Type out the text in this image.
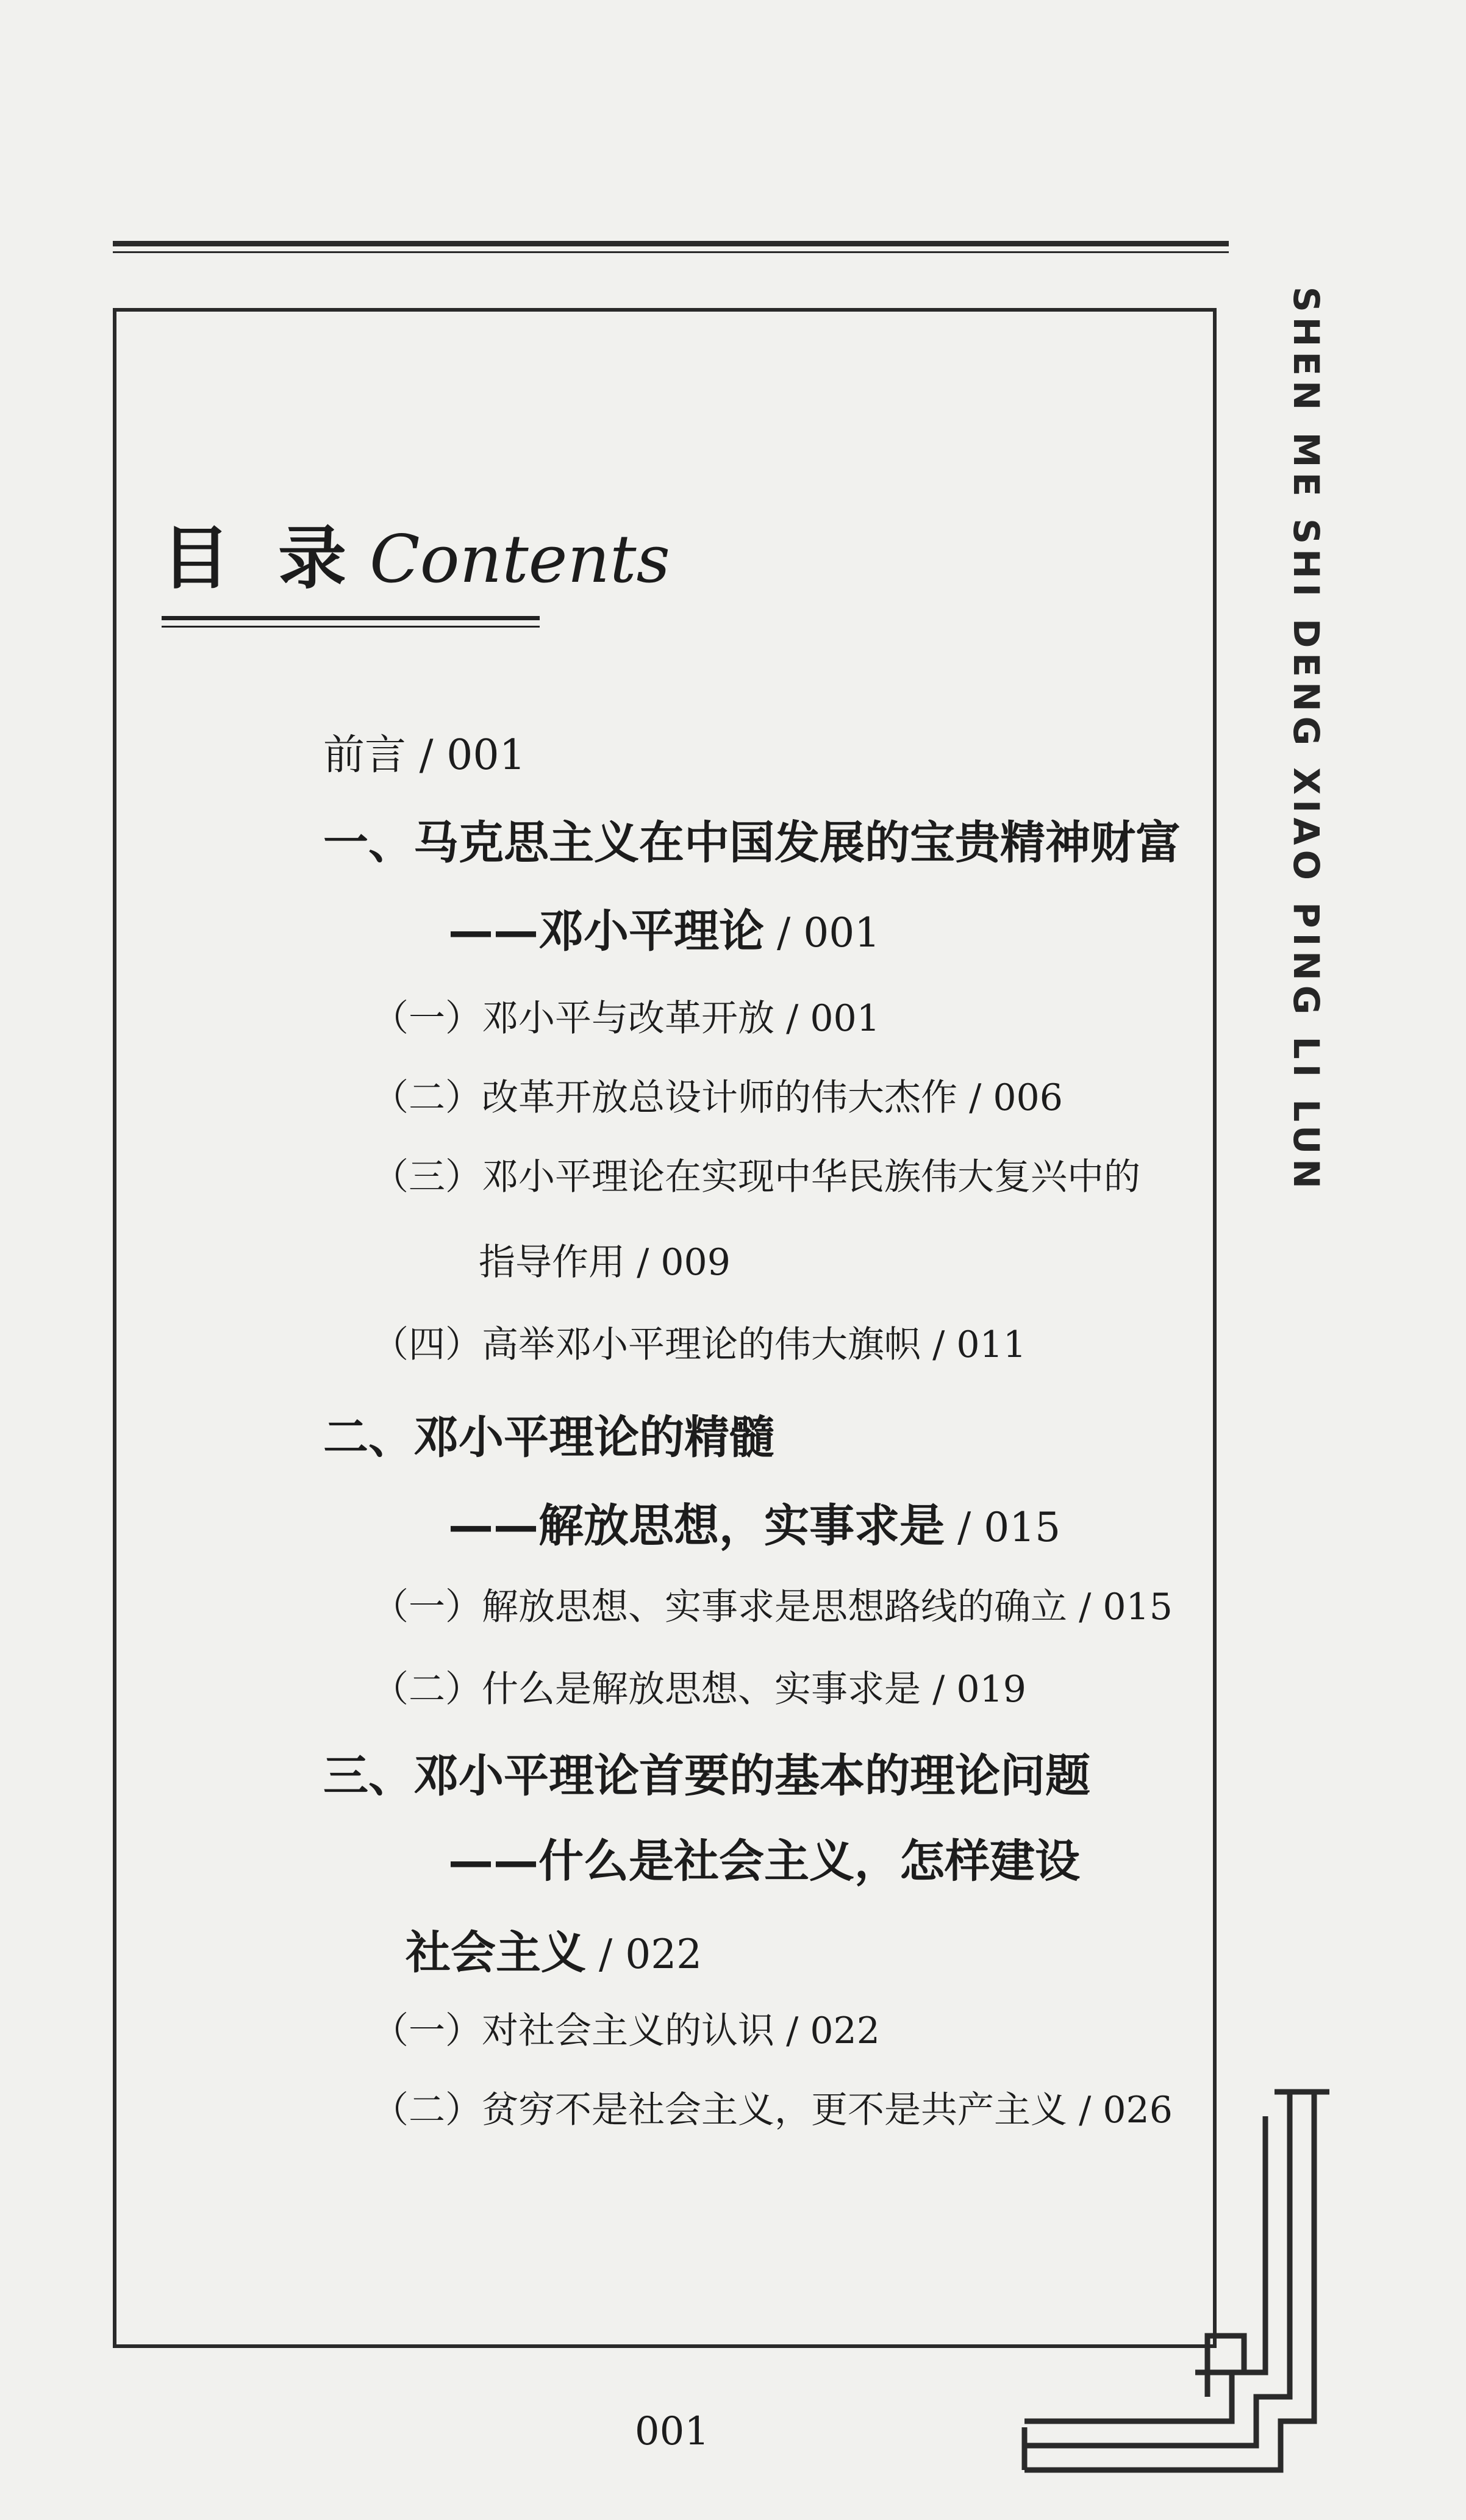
SHEN ME SHI DENG XIAO PING LI LUN
目 录 Contents
前言 / 001
一、马克思主义在中国发展的宝贵精神财富
——邓小平理论 / 001
（一）邓小平与改革开放 / 001
（二）改革开放总设计师的伟大杰作 / 006
（三）邓小平理论在实现中华民族伟大复兴中的
指导作用 / 009
（四）高举邓小平理论的伟大旗帜 / 011
二、邓小平理论的精髓
——解放思想，实事求是 / 015
（一）解放思想、实事求是思想路线的确立 / 015
（二）什么是解放思想、实事求是 / 019
三、邓小平理论首要的基本的理论问题
——什么是社会主义，怎样建设
社会主义 / 022
（一）对社会主义的认识 / 022
（二）贫穷不是社会主义，更不是共产主义 / 026
001
